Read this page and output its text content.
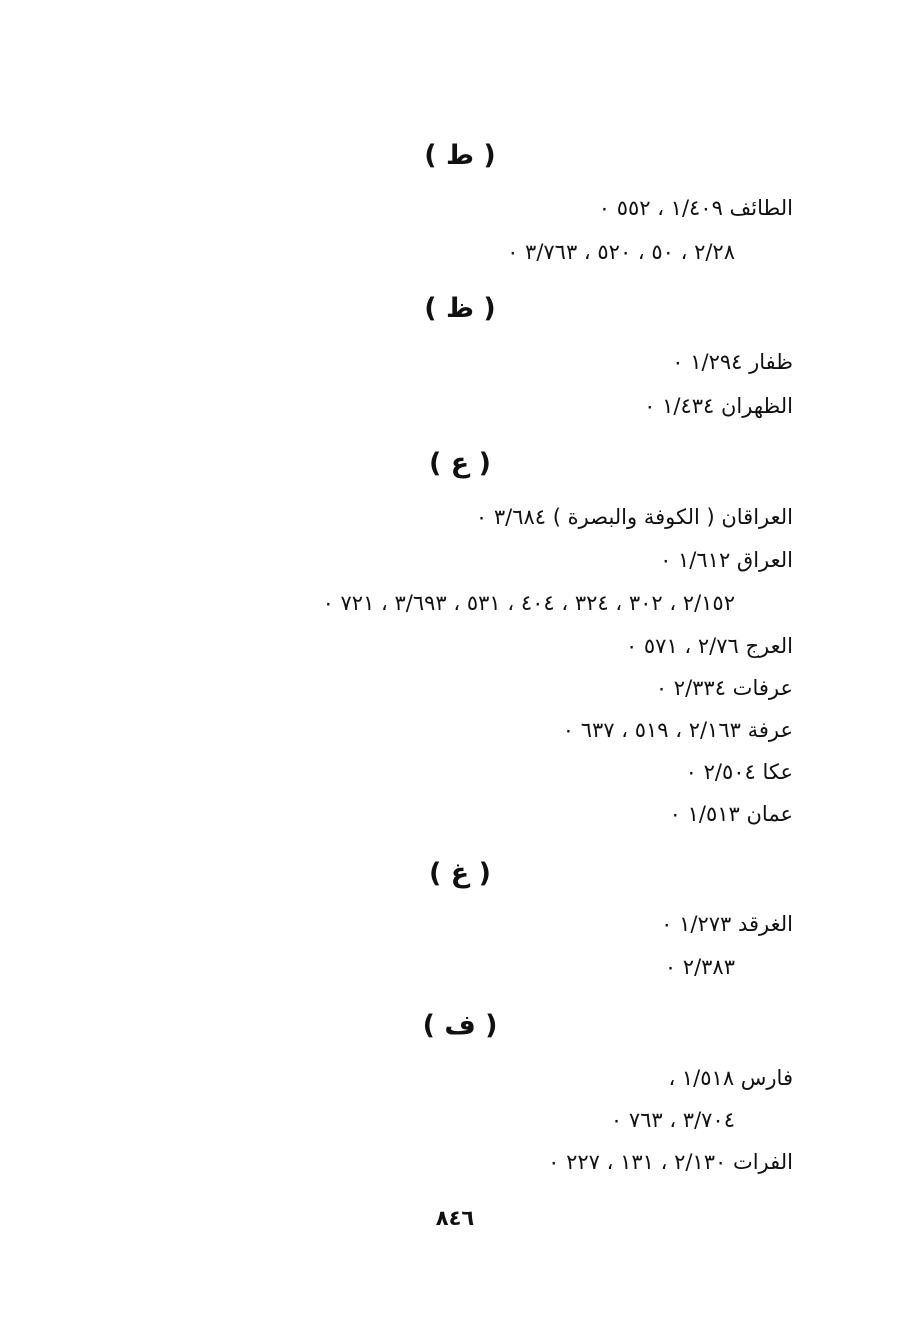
( ط )
الطائف ١/٤٠٩ ، ٥٥٢ ٠
٢/٢٨ ، ٥٠ ، ٥٢٠ ، ٣/٧٦٣ ٠
( ظ )
ظفار ١/٢٩٤ ٠
الظهران ١/٤٣٤ ٠
( ع )
العراقان ( الكوفة والبصرة ) ٣/٦٨٤ ٠
العراق ١/٦١٢ ٠
٢/١٥٢ ، ٣٠٢ ، ٣٢٤ ، ٤٠٤ ، ٥٣١ ، ٣/٦٩٣ ، ٧٢١ ٠
العرج ٢/٧٦ ، ٥٧١ ٠
عرفات ٢/٣٣٤ ٠
عرفة ٢/١٦٣ ، ٥١٩ ، ٦٣٧ ٠
عكا ٢/٥٠٤ ٠
عمان ١/٥١٣ ٠
( غ )
الغرقد ١/٢٧٣ ٠
٢/٣٨٣ ٠
( ف )
فارس ١/٥١٨ ،
٣/٧٠٤ ، ٧٦٣ ٠
الفرات ٢/١٣٠ ، ١٣١ ، ٢٢٧ ٠
٨٤٦
